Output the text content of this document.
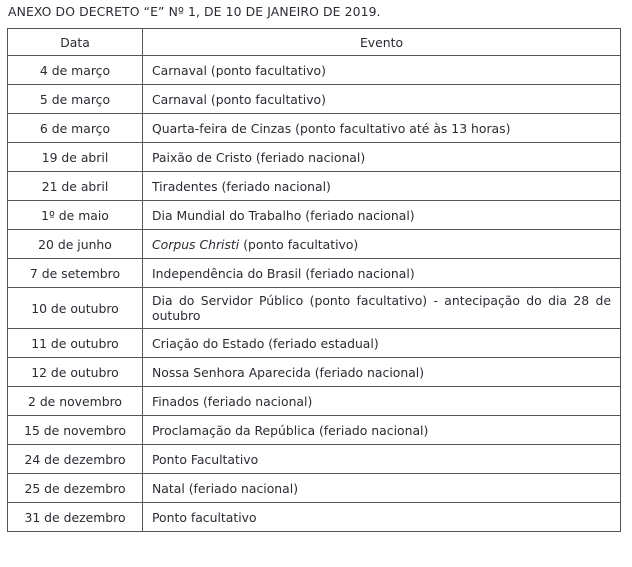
ANEXO DO DECRETO “E” Nº 1, DE 10 DE JANEIRO DE 2019.
Data	Evento
4 de março	Carnaval (ponto facultativo)
5 de março	Carnaval (ponto facultativo)
6 de março	Quarta-feira de Cinzas (ponto facultativo até às 13 horas)
19 de abril	Paixão de Cristo (feriado nacional)
21 de abril	Tiradentes (feriado nacional)
1º de maio	Dia Mundial do Trabalho (feriado nacional)
20 de junho	Corpus Christi (ponto facultativo)
7 de setembro	Independência do Brasil (feriado nacional)
10 de outubro	Dia do Servidor Público (ponto facultativo) - antecipação do dia 28 de outubro
11 de outubro	Criação do Estado (feriado estadual)
12 de outubro	Nossa Senhora Aparecida (feriado nacional)
2 de novembro	Finados (feriado nacional)
15 de novembro	Proclamação da República (feriado nacional)
24 de dezembro	Ponto Facultativo
25 de dezembro	Natal (feriado nacional)
31 de dezembro	Ponto facultativo
